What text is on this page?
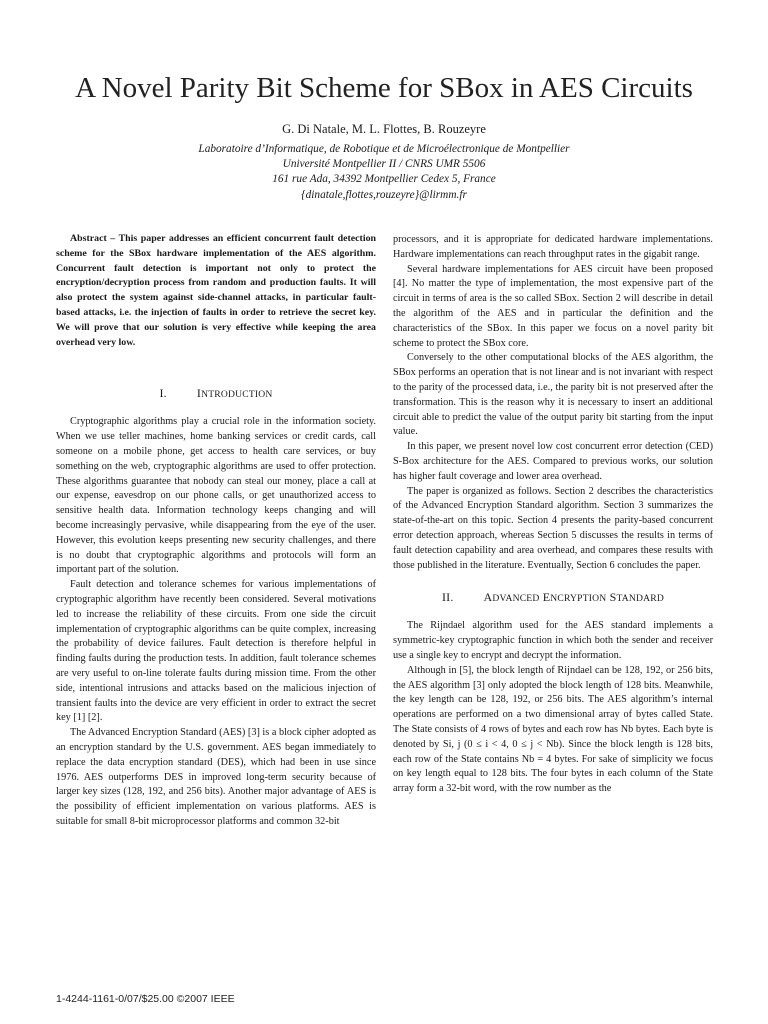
A Novel Parity Bit Scheme for SBox in AES Circuits
G. Di Natale, M. L. Flottes, B. Rouzeyre
Laboratoire d’Informatique, de Robotique et de Microélectronique de Montpellier
Université Montpellier II / CNRS UMR 5506
161 rue Ada, 34392 Montpellier Cedex 5, France
{dinatale,flottes,rouzeyre}@lirmm.fr

Abstract – This paper addresses an efficient concurrent fault detection scheme for the SBox hardware implementation of the AES algorithm. Concurrent fault detection is important not only to protect the encryption/decryption process from random and production faults. It will also protect the system against side-channel attacks, in particular fault-based attacks, i.e. the injection of faults in order to retrieve the secret key. We will prove that our solution is very effective while keeping the area overhead very low.

I.	INTRODUCTION

Cryptographic algorithms play a crucial role in the information society. When we use teller machines, home banking services or credit cards, call someone on a mobile phone, get access to health care services, or buy something on the web, cryptographic algorithms are used to offer protection. These algorithms guarantee that nobody can steal our money, place a call at our expense, eavesdrop on our phone calls, or get unauthorized access to sensitive health data. Information technology keeps changing and will become increasingly pervasive, while disappearing from the eye of the user. However, this evolution keeps presenting new security challenges, and there is no doubt that cryptographic algorithms and protocols will form an important part of the solution.

Fault detection and tolerance schemes for various implementations of cryptographic algorithm have recently been considered. Several motivations led to increase the reliability of these circuits. From one side the circuit implementation of cryptographic algorithms can be quite complex, increasing the probability of device failures. Fault detection is therefore helpful in finding faults during the production tests. In addition, fault tolerance schemes are very useful to on-line tolerate faults during mission time. From the other side, intentional intrusions and attacks based on the malicious injection of transient faults into the device are very efficient in order to extract the secret key [1] [2].

The Advanced Encryption Standard (AES) [3] is a block cipher adopted as an encryption standard by the U.S. government. AES began immediately to replace the data encryption standard (DES), which had been in use since 1976. AES outperforms DES in improved long-term security because of larger key sizes (128, 192, and 256 bits). Another major advantage of AES is the possibility of efficient implementation on various platforms. AES is suitable for small 8-bit microprocessor platforms and common 32-bit

processors, and it is appropriate for dedicated hardware implementations. Hardware implementations can reach throughput rates in the gigabit range.

Several hardware implementations for AES circuit have been proposed [4]. No matter the type of implementation, the most expensive part of the circuit in terms of area is the so called SBox. Section 2 will describe in detail the algorithm of the AES and in particular the definition and the characteristics of the SBox. In this paper we focus on a novel parity bit scheme to protect the SBox core.

Conversely to the other computational blocks of the AES algorithm, the SBox performs an operation that is not linear and is not invariant with respect to the parity of the processed data, i.e., the parity bit is not preserved after the transformation. This is the reason why it is necessary to insert an additional circuit able to predict the value of the output parity bit starting from the input value.

In this paper, we present novel low cost concurrent error detection (CED) S-Box architecture for the AES. Compared to previous works, our solution has higher fault coverage and lower area overhead.

The paper is organized as follows. Section 2 describes the characteristics of the Advanced Encryption Standard algorithm. Section 3 summarizes the state-of-the-art on this topic. Section 4 presents the parity-based concurrent error detection approach, whereas Section 5 discusses the results in terms of fault detection capability and area overhead, and compares these results with those published in the literature. Eventually, Section 6 concludes the paper.

II.	ADVANCED ENCRYPTION STANDARD

The Rijndael algorithm used for the AES standard implements a symmetric-key cryptographic function in which both the sender and receiver use a single key to encrypt and decrypt the information.

Although in [5], the block length of Rijndael can be 128, 192, or 256 bits, the AES algorithm [3] only adopted the block length of 128 bits. Meanwhile, the key length can be 128, 192, or 256 bits. The AES algorithm’s internal operations are performed on a two dimensional array of bytes called State. The State consists of 4 rows of bytes and each row has Nb bytes. Each byte is denoted by Si, j (0 ≤ i < 4, 0 ≤ j < Nb). Since the block length is 128 bits, each row of the State contains Nb = 4 bytes. For sake of simplicity we focus on key length equal to 128 bits. The four bytes in each column of the State array form a 32-bit word, with the row number as the

1-4244-1161-0/07/$25.00 ©2007 IEEE
